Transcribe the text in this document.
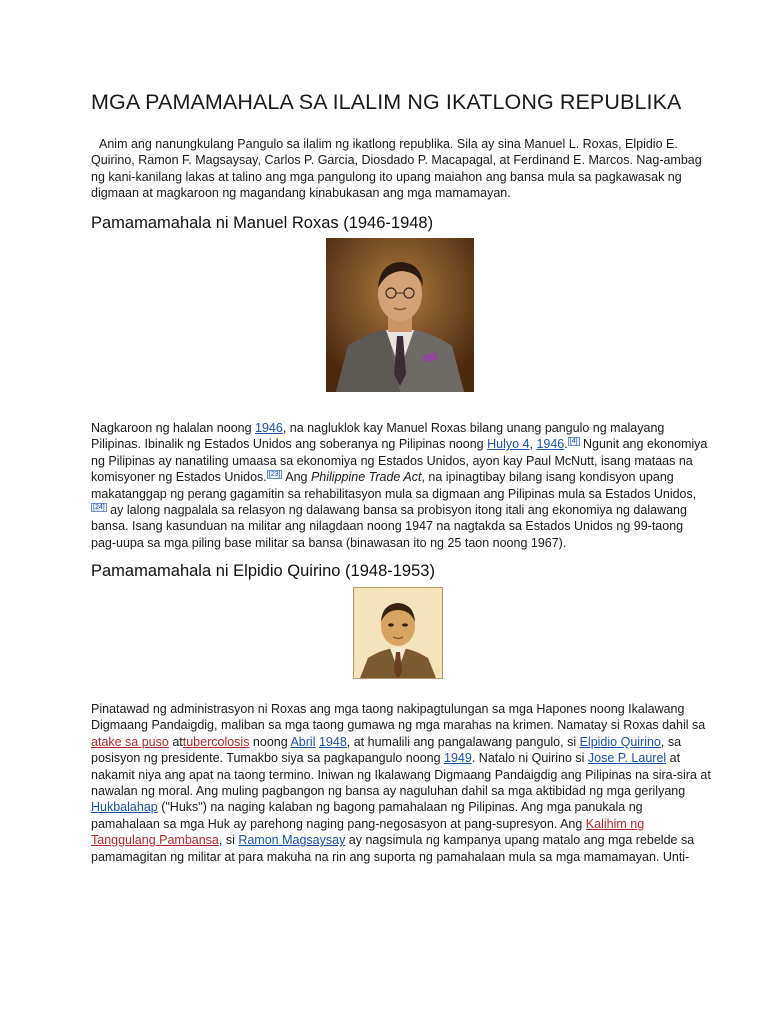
MGA PAMAMAHALA SA ILALIM NG IKATLONG REPUBLIKA

Anim ang nanungkulang Pangulo sa ilalim ng ikatlong republika. Sila ay sina Manuel L. Roxas, Elpidio E. Quirino, Ramon F. Magsaysay, Carlos P. Garcia, Diosdado P. Macapagal, at Ferdinand E. Marcos. Nag-ambag ng kani-kanilang lakas at talino ang mga pangulong ito upang maiahon ang bansa mula sa pagkawasak ng digmaan at magkaroon ng magandang kinabukasan ang mga mamamayan.

Pamamamahala ni Manuel Roxas (1946-1948)

Nagkaroon ng halalan noong 1946, na nagluklok kay Manuel Roxas bilang unang pangulo ng malayang Pilipinas. Ibinalik ng Estados Unidos ang soberanya ng Pilipinas noong Hulyo 4, 1946. [4] Ngunit ang ekonomiya ng Pilipinas ay nanatiling umaasa sa ekonomiya ng Estados Unidos, ayon kay Paul McNutt, isang mataas na komisyoner ng Estados Unidos. [23] Ang Philippine Trade Act, na ipinagtibay bilang isang kondisyon upang makatanggap ng perang gagamitin sa rehabilitasyon mula sa digmaan ang Pilipinas mula sa Estados Unidos,[24] ay lalong nagpalala sa relasyon ng dalawang bansa sa probisyon itong itali ang ekonomiya ng dalawang bansa. Isang kasunduan na militar ang nilagdaan noong 1947 na nagtakda sa Estados Unidos ng 99-taong pag-uupa sa mga piling base militar sa bansa (binawasan ito ng 25 taon noong 1967).

Pamamamahala ni Elpidio Quirino (1948-1953)

Pinatawad ng administrasyon ni Roxas ang mga taong nakipagtulungan sa mga Hapones noong Ikalawang Digmaang Pandaigdig, maliban sa mga taong gumawa ng mga marahas na krimen. Namatay si Roxas dahil sa atake sa puso attubercolosis noong Abril 1948, at humalili ang pangalawang pangulo, si Elpidio Quirino, sa posisyon ng presidente. Tumakbo siya sa pagkapangulo noong 1949. Natalo ni Quirino si Jose P. Laurel at nakamit niya ang apat na taong termino. Iniwan ng Ikalawang Digmaang Pandaigdig ang Pilipinas na sira-sira at nawalan ng moral. Ang muling pagbangon ng bansa ay naguluhan dahil sa mga aktibidad ng mga gerilyang Hukbalahap ("Huks") na naging kalaban ng bagong pamahalaan ng Pilipinas. Ang mga panukala ng pamahalaan sa mga Huk ay parehong naging pang-negosasyon at pang-supresyon. Ang Kalihim ng Tanggulang Pambansa, si Ramon Magsaysay ay nagsimula ng kampanya upang matalo ang mga rebelde sa pamamagitan ng militar at para makuha na rin ang suporta ng pamahalaan mula sa mga mamamayan. Unti-
